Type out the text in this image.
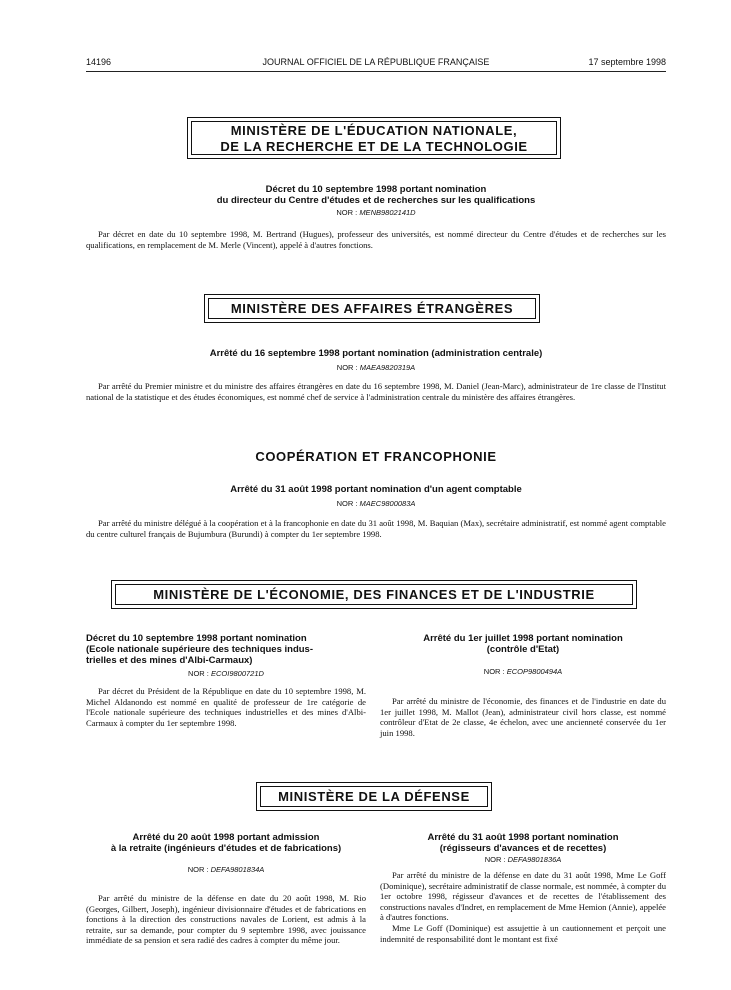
14196	JOURNAL OFFICIEL DE LA RÉPUBLIQUE FRANÇAISE	17 septembre 1998
MINISTÈRE DE L'ÉDUCATION NATIONALE,
DE LA RECHERCHE ET DE LA TECHNOLOGIE
Décret du 10 septembre 1998 portant nomination
du directeur du Centre d'études et de recherches sur les qualifications
NOR : MENB9802141D
Par décret en date du 10 septembre 1998, M. Bertrand (Hugues), professeur des universités, est nommé directeur du Centre d'études et de recherches sur les qualifications, en remplacement de M. Merle (Vincent), appelé à d'autres fonctions.
MINISTÈRE DES AFFAIRES ÉTRANGÈRES
Arrêté du 16 septembre 1998 portant nomination (administration centrale)
NOR : MAEA9820319A
Par arrêté du Premier ministre et du ministre des affaires étrangères en date du 16 septembre 1998, M. Daniel (Jean-Marc), administrateur de 1re classe de l'Institut national de la statistique et des études économiques, est nommé chef de service à l'administration centrale du ministère des affaires étrangères.
COOPÉRATION ET FRANCOPHONIE
Arrêté du 31 août 1998 portant nomination d'un agent comptable
NOR : MAEC9800083A
Par arrêté du ministre délégué à la coopération et à la francophonie en date du 31 août 1998, M. Baquian (Max), secrétaire administratif, est nommé agent comptable du centre culturel français de Bujumbura (Burundi) à compter du 1er septembre 1998.
MINISTÈRE DE L'ÉCONOMIE, DES FINANCES ET DE L'INDUSTRIE
Décret du 10 septembre 1998 portant nomination
(Ecole nationale supérieure des techniques indus-
trielles et des mines d'Albi-Carmaux)
NOR : ECOI9800721D
Par décret du Président de la République en date du 10 septembre 1998, M. Michel Aldanondo est nommé en qualité de professeur de 1re catégorie de l'Ecole nationale supérieure des techniques industrielles et des mines d'Albi-Carmaux à compter du 1er septembre 1998.
Arrêté du 1er juillet 1998 portant nomination
(contrôle d'Etat)
NOR : ECOP9800494A
Par arrêté du ministre de l'économie, des finances et de l'industrie en date du 1er juillet 1998, M. Mallot (Jean), administrateur civil hors classe, est nommé contrôleur d'Etat de 2e classe, 4e échelon, avec une ancienneté conservée du 1er juin 1998.
MINISTÈRE DE LA DÉFENSE
Arrêté du 20 août 1998 portant admission
à la retraite (ingénieurs d'études et de fabrications)
NOR : DEFA9801834A
Par arrêté du ministre de la défense en date du 20 août 1998, M. Rio (Georges, Gilbert, Joseph), ingénieur divisionnaire d'études et de fabrications en fonctions à la direction des constructions navales de Lorient, est admis à la retraite, sur sa demande, pour compter du 9 septembre 1998, avec jouissance immédiate de sa pension et sera radié des cadres à compter du même jour.
Arrêté du 31 août 1998 portant nomination
(régisseurs d'avances et de recettes)
NOR : DEFA9801836A
Par arrêté du ministre de la défense en date du 31 août 1998, Mme Le Goff (Dominique), secrétaire administratif de classe normale, est nommée, à compter du 1er octobre 1998, régisseur d'avances et de recettes de l'établissement des constructions navales d'Indret, en remplacement de Mme Hemion (Annie), appelée à d'autres fonctions.
Mme Le Goff (Dominique) est assujettie à un cautionnement et perçoit une indemnité de responsabilité dont le montant est fixé
